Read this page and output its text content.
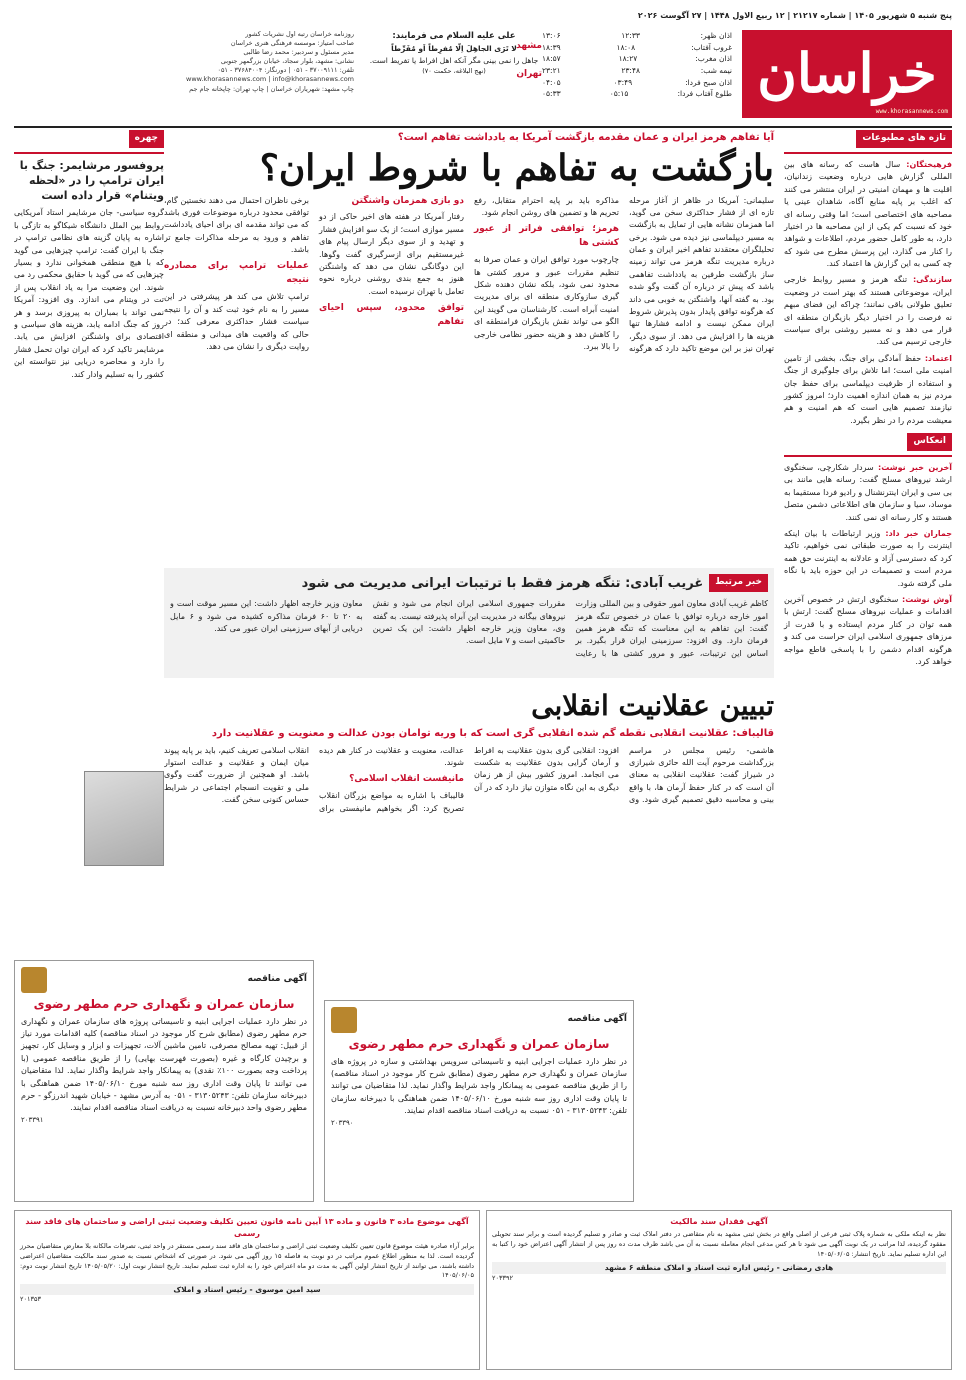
پنج شنبه ۵ شهریور ۱۴۰۵ | شماره ۲۱۲۱۷ | ۱۲ ربیع الاول ۱۴۴۸ | ۲۷ آگوست ۲۰۲۶
خراسان
www.khorasannews.com
اذان ظهر:
۱۲:۳۳
۱۳:۰۶
غروب آفتاب:
۱۸:۰۸
۱۸:۳۹
اذان مغرب:
۱۸:۲۷
۱۸:۵۷
نیمه شب:
۲۳:۴۸
۲۳:۲۱
اذان صبح فردا:
۰۳:۴۹
۰۴:۰۵
طلوع آفتاب فردا:
۰۵:۱۵
۰۵:۳۳
مشهد
تهران
علی علیه السلام می فرمایند:
لا تَرَی الجاهِلَ اِلّا مُفرِطاً اَو مُفَرِّطاً
جاهل را نمی بینی مگر آنکه اهل افراط یا تفریط است.
(نهج البلاغه، حکمت ۷۰)
روزنامه خراسان رتبه اول نشریات کشور
صاحب امتیاز: موسسه فرهنگی هنری خراسان
مدیر مسئول و سردبیر: محمد رضا طالبی
نشانی: مشهد، بلوار سجاد، خیابان بزرگمهر جنوبی
تلفن: ۳۷۰۰۹۱۱۱ - ۰۵۱ | دورنگار: ۳۷۶۸۴۰۰۴ - ۰۵۱
www.khorasannews.com | info@khorasannews.com
چاپ مشهد: شهریاران خراسان | چاپ تهران: چاپخانه جام جم
تازه های مطبوعات

فرهیختگان: سال هاست که رسانه های بین المللی گزارش هایی درباره وضعیت زندانیان، اقلیت ها و مهمان امنیتی در ایران منتشر می کنند که اغلب بر پایه منابع آگاه، شاهدان عینی یا مصاحبه های اختصاصی است؛ اما وقتی رسانه ای خود که نسبت کم یکی از این مصاحبه ها در اختیار دارد، به طور کامل حضور مردم، اطلاعات و شواهد را کنار می گذارد، این پرسش مطرح می شود که چه کسی به این گزارش ها اعتماد کند.

سازندگی: تنگه هرمز و مسیر روابط خارجی ایران، موضوعاتی هستند که بهتر است در وضعیت تعلیق طولانی باقی نمانند؛ چراکه این فضای مبهم نه فرصت را در اختیار دیگر بازیگران منطقه ای قرار می دهد و نه مسیر روشنی برای سیاست خارجی ترسیم می کند.

اعتماد: حفظ آمادگی برای جنگ، بخشی از تامین امنیت ملی است؛ اما تلاش برای جلوگیری از جنگ و استفاده از ظرفیت دیپلماسی برای حفظ جان مردم نیز به همان اندازه اهمیت دارد؛ امروز کشور نیازمند تصمیم هایی است که هم امنیت و هم معیشت مردم را در نظر بگیرد.

انعکاس

آخرین خبر نوشت: سردار شکارچی، سخنگوی ارشد نیروهای مسلح گفت: رسانه هایی مانند بی بی سی و ایران اینترنشنال و رادیو فردا مستقیما به موساد، سیا و سازمان های اطلاعاتی دشمن متصل هستند و کار رسانه ای نمی کنند.

جماران خبر داد: وزیر ارتباطات با بیان اینکه اینترنت را به صورت طبقاتی نمی خواهیم، تاکید کرد که دسترسی آزاد و عادلانه به اینترنت حق همه مردم است و تصمیمات در این حوزه باید با نگاه ملی گرفته شود.

آوش نوشت: سخنگوی ارتش در خصوص آخرین اقدامات و عملیات نیروهای مسلح گفت: ارتش با همه توان در کنار مردم ایستاده و با قدرت از مرزهای جمهوری اسلامی ایران حراست می کند و هرگونه اقدام دشمن را با پاسخی قاطع مواجه خواهد کرد.

آیا تفاهم هرمز ایران و عمان مقدمه بازگشت آمریکا به یادداشت تفاهم است؟
بازگشت به تفاهم با شروط ایران؟

سلیمانی: آمریکا در ظاهر از آغاز مرحله تازه ای از فشار حداکثری سخن می گوید، اما همزمان نشانه هایی از تمایل به بازگشت به مسیر دیپلماسی نیز دیده می شود. برخی تحلیلگران معتقدند تفاهم اخیر ایران و عمان درباره مدیریت تنگه هرمز می تواند زمینه ساز بازگشت طرفین به یادداشت تفاهمی باشد که پیش تر درباره آن گفت وگو شده بود. به گفته آنها، واشنگتن به خوبی می داند که هرگونه توافق پایدار بدون پذیرش شروط ایران ممکن نیست و ادامه فشارها تنها هزینه ها را افزایش می دهد. از سوی دیگر، تهران نیز بر این موضع تاکید دارد که هرگونه مذاکره باید بر پایه احترام متقابل، رفع تحریم ها و تضمین های روشن انجام شود.

هرمز؛ توافقی فراتر از عبور کشتی ها

چارچوب مورد توافق ایران و عمان صرفا به تنظیم مقررات عبور و مرور کشتی ها محدود نمی شود، بلکه نشان دهنده شکل گیری سازوکاری منطقه ای برای مدیریت امنیت آبراه است. کارشناسان می گویند این الگو می تواند نقش بازیگران فرامنطقه ای را کاهش دهد و هزینه حضور نظامی خارجی را بالا ببرد.

دو بازی همزمان واشنگتن

رفتار آمریکا در هفته های اخیر حاکی از دو مسیر موازی است؛ از یک سو افزایش فشار و تهدید و از سوی دیگر ارسال پیام های غیرمستقیم برای ازسرگیری گفت وگوها. این دوگانگی نشان می دهد که واشنگتن هنوز به جمع بندی روشنی درباره نحوه تعامل با تهران نرسیده است.

توافق محدود، سپس احیای تفاهم

برخی ناظران احتمال می دهند نخستین گام، توافقی محدود درباره موضوعات فوری باشد که می تواند مقدمه ای برای احیای یادداشت تفاهم و ورود به مرحله مذاکرات جامع تر باشد.

عملیات ترامپ برای مصادره نتیجه

ترامپ تلاش می کند هر پیشرفتی در این مسیر را به نام خود ثبت کند و آن را نتیجه سیاست فشار حداکثری معرفی کند؛ در حالی که واقعیت های میدانی و منطقه ای روایت دیگری را نشان می دهد.

خبر مرتبط
غریب آبادی: تنگه هرمز فقط با ترتیبات ایرانی مدیریت می شود

کاظم غریب آبادی معاون امور حقوقی و بین المللی وزارت امور خارجه درباره توافق با عمان در خصوص تنگه هرمز گفت: این تفاهم به این معناست که تنگه هرمز همین فرمان دارد. وی افزود: سرزمینی ایران قرار بگیرد. بر اساس این ترتیبات، عبور و مرور کشتی ها با رعایت مقررات جمهوری اسلامی ایران انجام می شود و نقش نیروهای بیگانه در مدیریت این آبراه پذیرفته نیست. به گفته وی، معاون وزیر خارجه اظهار داشت: این یک تمرین حاکمیتی است و ۷ مایل است.

معاون وزیر خارجه اظهار داشت: این مسیر موقت است و به ۲۰ تا ۶۰ فرمان مذاکره کشیده می شود و ۶ مایل دریایی از آبهای سرزمینی ایران عبور می کند.

تبیین عقلانیت انقلابی
قالیباف: عقلانیت انقلابی نقطه گم شده انقلابی گری است که با وریه توامان بودن عدالت و معنویت و عقلانیت دارد

هاشمی- رئیس مجلس در مراسم بزرگداشت مرحوم آیت الله حائری شیرازی در شیراز گفت: عقلانیت انقلابی به معنای آن است که در کنار حفظ آرمان ها، با واقع بینی و محاسبه دقیق تصمیم گیری شود. وی افزود: انقلابی گری بدون عقلانیت به افراط و آرمان گرایی بدون عقلانیت به شکست می انجامد. امروز کشور بیش از هر زمان دیگری به این نگاه متوازن نیاز دارد که در آن عدالت، معنویت و عقلانیت در کنار هم دیده شوند.

مانیفست انقلاب اسلامی؟

قالیباف با اشاره به مواضع بزرگان انقلاب تصریح کرد: اگر بخواهیم مانیفستی برای انقلاب اسلامی تعریف کنیم، باید بر پایه پیوند میان ایمان و عقلانیت و عدالت استوار باشد. او همچنین از ضرورت گفت وگوی ملی و تقویت انسجام اجتماعی در شرایط حساس کنونی سخن گفت.

چهره
پروفسور مرشایمر: جنگ با ایران ترامپ را در «لحظه ویتنام» قرار داده است

گروه سیاسی- جان مرشایمر استاد آمریکایی روابط بین الملل دانشگاه شیکاگو به تازگی با اشاره به پایان گزینه های نظامی ترامپ در جنگ با ایران گفت: ترامپ چیزهایی می گوید که با هیچ منطقی همخوانی ندارد و بسیار چیزهایی که می گوید با حقایق محکمی رد می شوند. این وضعیت مرا به یاد انقلاب پس از تت در ویتنام می اندازد. وی افزود: آمریکا نمی تواند با بمباران به پیروزی برسد و هر روز که جنگ ادامه یابد، هزینه های سیاسی و اقتصادی برای واشنگتن افزایش می یابد. مرشایمر تاکید کرد که ایران توان تحمل فشار را دارد و محاصره دریایی نیز نتوانسته این کشور را به تسلیم وادار کند.

آگهی مناقصه
سازمان عمران و نگهداری حرم مطهر رضوی
در نظر دارد عملیات اجرایی ابنیه و تاسیساتی پروژه های سازمان عمران و نگهداری حرم مطهر رضوی (مطابق شرح کار موجود در اسناد مناقصه) کلیه اقدامات مورد نیاز از قبیل: تهیه مصالح مصرفی، تامین ماشین آلات، تجهیزات و ابزار و وسایل کار، تجهیز و برچیدن کارگاه و غیره (بصورت فهرست بهایی) را از طریق مناقصه عمومی (با پرداخت وجه بصورت ۱۰۰٪ نقدی) به پیمانکار واجد شرایط واگذار نماید. لذا متقاضیان می توانند تا پایان وقت اداری روز سه شنبه مورخ ۱۴۰۵/۰۶/۱۰ ضمن هماهنگی با دبیرخانه سازمان تلفن: ۳۱۳۰۵۲۴۳ - ۰۵۱ به آدرس مشهد - خیابان شهید اندرزگو - حرم مطهر رضوی واحد دبیرخانه نسبت به دریافت اسناد مناقصه اقدام نمایند.
۲۰۳۳۹۱
آگهی مناقصه
سازمان عمران و نگهداری حرم مطهر رضوی
در نظر دارد عملیات اجرایی ابنیه و تاسیساتی سرویس بهداشتی و سازه در پروژه های سازمان عمران و نگهداری حرم مطهر رضوی (مطابق شرح کار موجود در اسناد مناقصه) را از طریق مناقصه عمومی به پیمانکار واجد شرایط واگذار نماید. لذا متقاضیان می توانند تا پایان وقت اداری روز سه شنبه مورخ ۱۴۰۵/۰۶/۱۰ ضمن هماهنگی با دبیرخانه سازمان تلفن: ۳۱۳۰۵۲۴۳ - ۰۵۱ نسبت به دریافت اسناد مناقصه اقدام نمایند.
۲۰۳۳۹۰
آگهی فقدان سند مالکیت
نظر به اینکه ملکی به شماره پلاک ثبتی فرعی از اصلی واقع در بخش ثبتی مشهد به نام متقاضی در دفتر املاک ثبت و صادر و تسلیم گردیده است و برابر سند تحویلی مفقود گردیده، لذا مراتب در یک نوبت آگهی می شود تا هر کس مدعی انجام معامله نسبت به آن می باشد ظرف مدت ده روز پس از انتشار آگهی اعتراض خود را کتبا به این اداره تسلیم نماید. تاریخ انتشار: ۱۴۰۵/۰۶/۰۵
هادی رمضانی - رئیس اداره ثبت اسناد و املاک منطقه ۶ مشهد
۲۰۳۳۹۲
آگهی موضوع ماده ۳ قانون و ماده ۱۳ آیین نامه قانون تعیین تکلیف وضعیت ثبتی اراضی و ساختمان های فاقد سند رسمی
برابر آراء صادره هیئت موضوع قانون تعیین تکلیف وضعیت ثبتی اراضی و ساختمان های فاقد سند رسمی مستقر در واحد ثبتی، تصرفات مالکانه بلا معارض متقاضیان محرز گردیده است. لذا به منظور اطلاع عموم مراتب در دو نوبت به فاصله ۱۵ روز آگهی می شود. در صورتی که اشخاص نسبت به صدور سند مالکیت متقاضیان اعتراضی داشته باشند، می توانند از تاریخ انتشار اولین آگهی به مدت دو ماه اعتراض خود را به اداره ثبت تسلیم نمایند. تاریخ انتشار نوبت اول: ۱۴۰۵/۰۵/۲۰ تاریخ انتشار نوبت دوم: ۱۴۰۵/۰۶/۰۵
سید امین موسوی - رئیس اسناد و املاک
۲۰۱۳۵۳
